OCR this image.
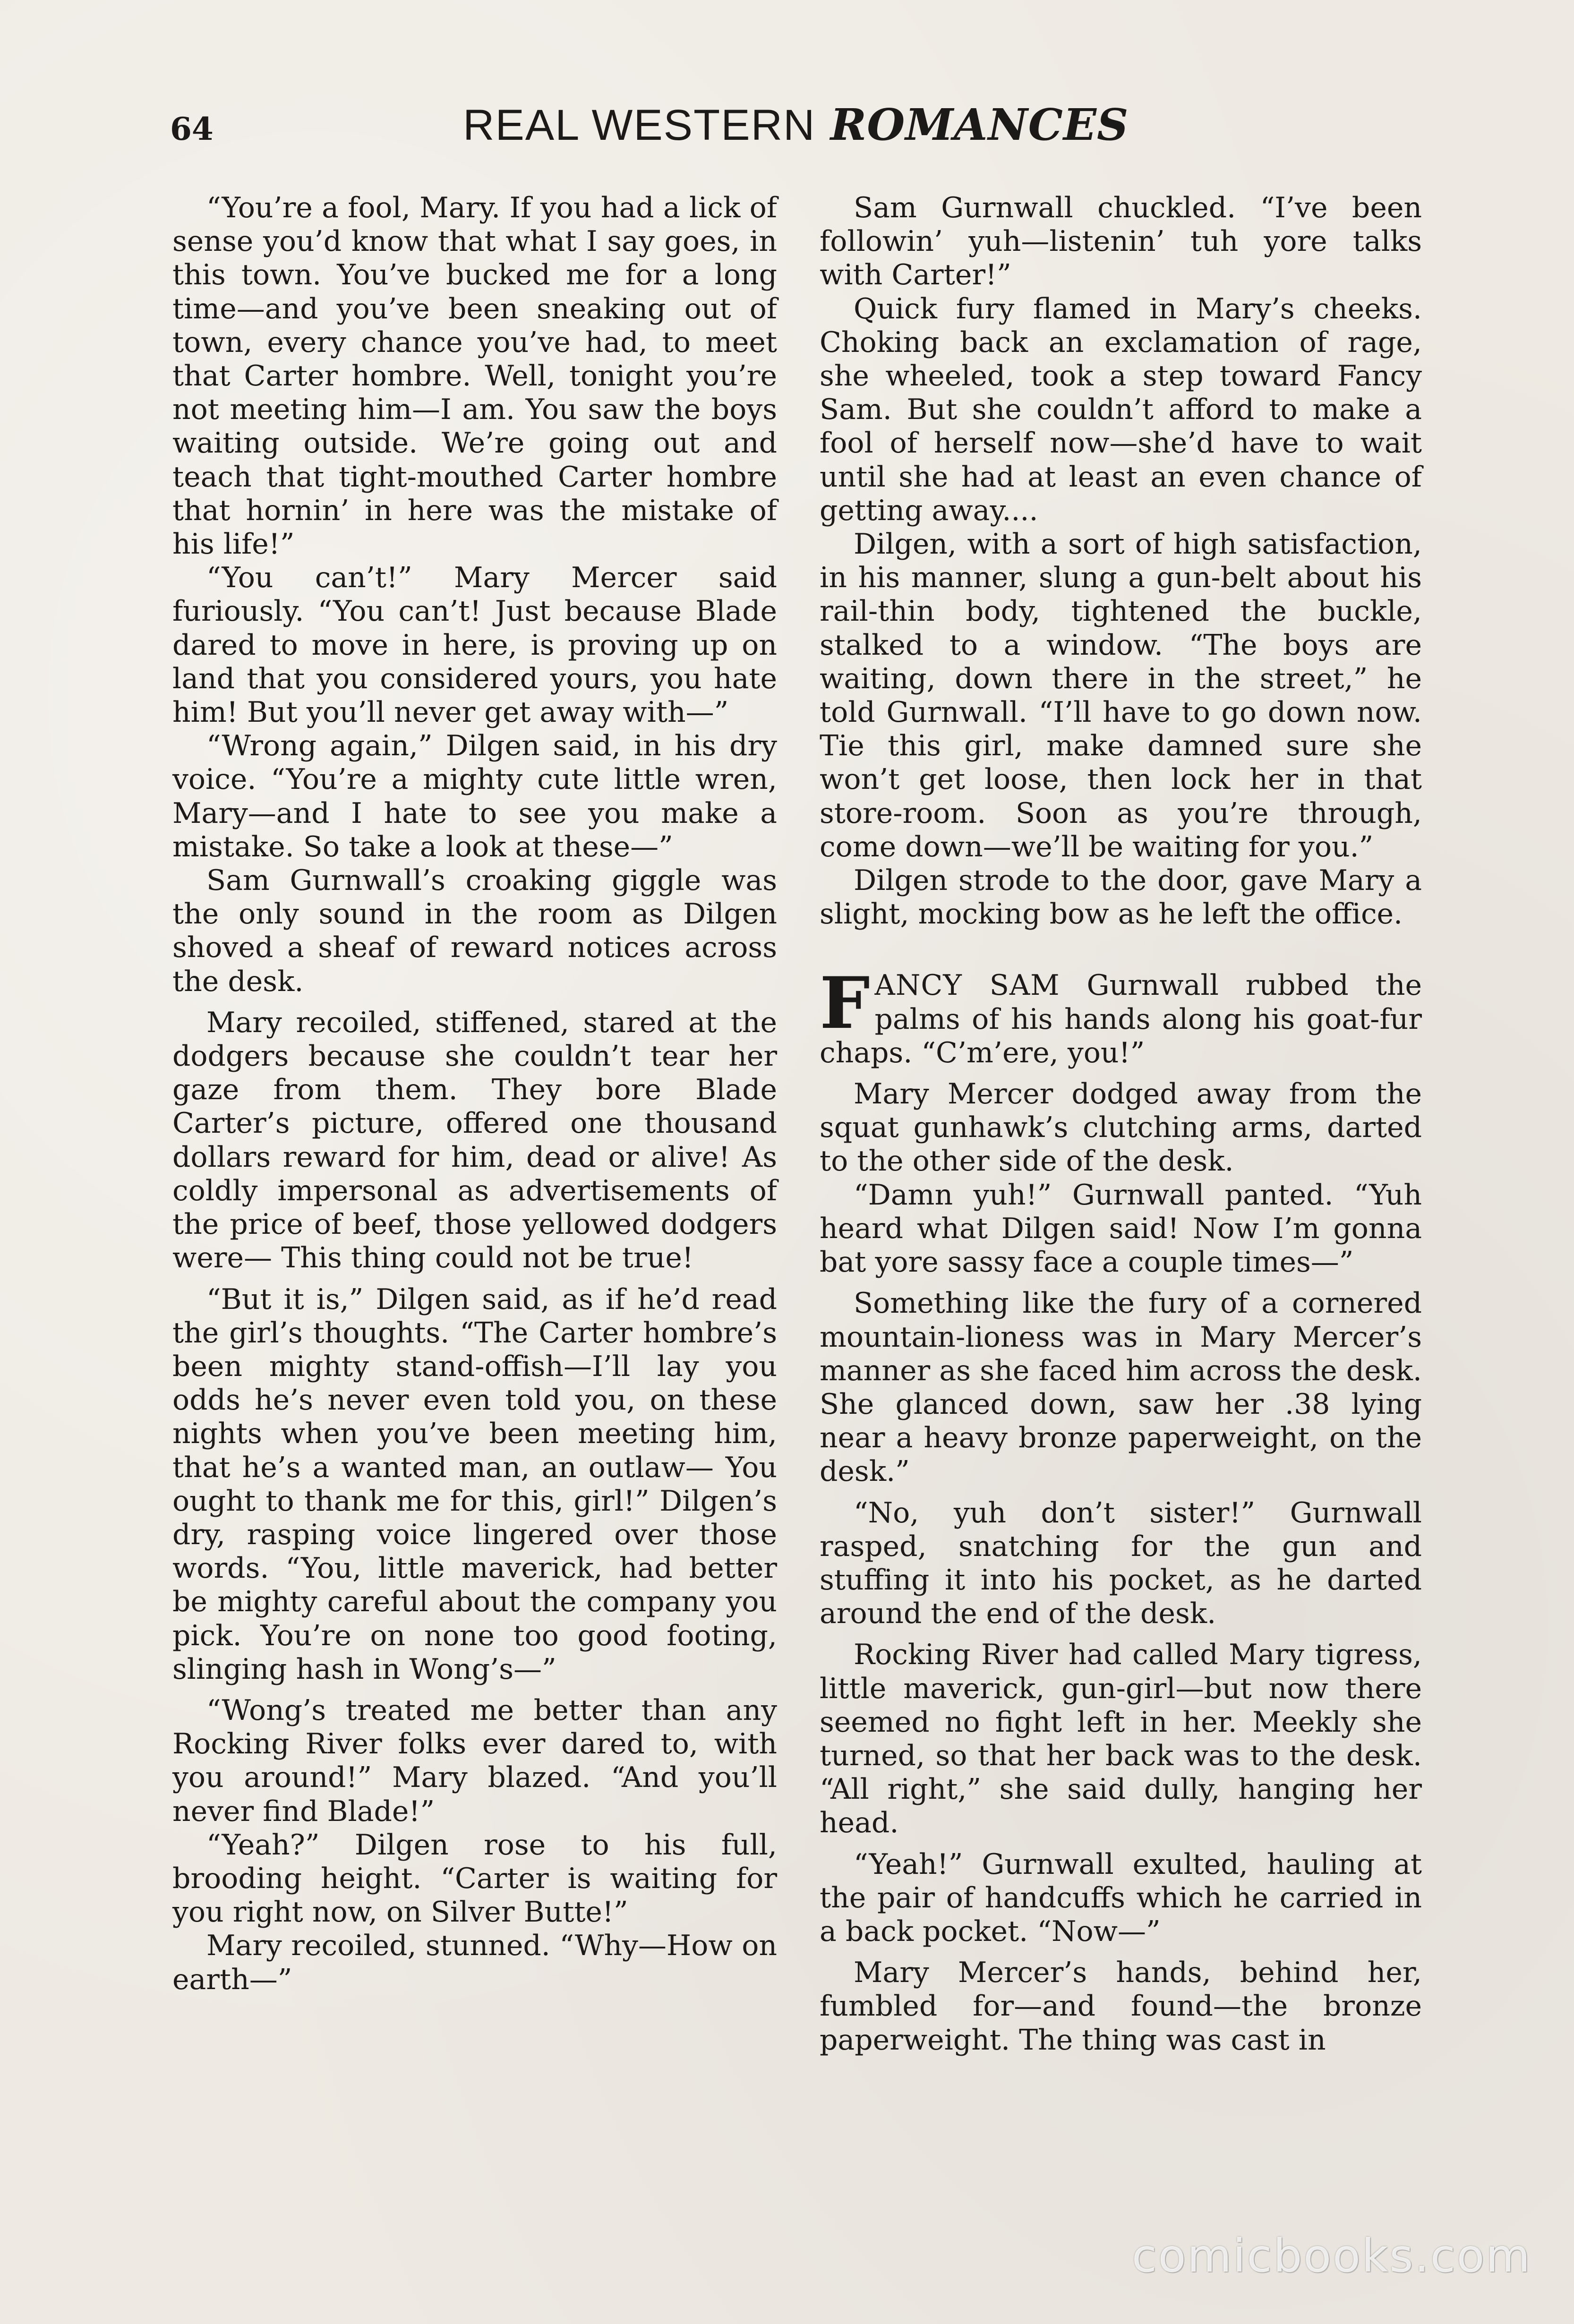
64	REAL WESTERN ROMANCES

“You’re a fool, Mary. If you had a lick of sense you’d know that what I say goes, in this town. You’ve bucked me for a long time—and you’ve been sneaking out of town, every chance you’ve had, to meet that Carter hombre. Well, tonight you’re not meeting him—I am. You saw the boys waiting outside. We’re going out and teach that tight-mouthed Carter hombre that hornin’ in here was the mistake of his life!”

“You can’t!” Mary Mercer said furiously. “You can’t! Just because Blade dared to move in here, is proving up on land that you considered yours, you hate him! But you’ll never get away with—”

“Wrong again,” Dilgen said, in his dry voice. “You’re a mighty cute little wren, Mary—and I hate to see you make a mistake. So take a look at these—”

Sam Gurnwall’s croaking giggle was the only sound in the room as Dilgen shoved a sheaf of reward notices across the desk.

Mary recoiled, stiffened, stared at the dodgers because she couldn’t tear her gaze from them. They bore Blade Carter’s picture, offered one thousand dollars reward for him, dead or alive! As coldly impersonal as advertisements of the price of beef, those yellowed dodgers were— This thing could not be true!

“But it is,” Dilgen said, as if he’d read the girl’s thoughts. “The Carter hombre’s been mighty stand-offish—I’ll lay you odds he’s never even told you, on these nights when you’ve been meeting him, that he’s a wanted man, an outlaw— You ought to thank me for this, girl!” Dilgen’s dry, rasping voice lingered over those words. “You, little maverick, had better be mighty careful about the company you pick. You’re on none too good footing, slinging hash in Wong’s—”

“Wong’s treated me better than any Rocking River folks ever dared to, with you around!” Mary blazed. “And you’ll never find Blade!”

“Yeah?” Dilgen rose to his full, brooding height. “Carter is waiting for you right now, on Silver Butte!”

Mary recoiled, stunned. “Why—How on earth—”

Sam Gurnwall chuckled. “I’ve been followin’ yuh—listenin’ tuh yore talks with Carter!”

Quick fury flamed in Mary’s cheeks. Choking back an exclamation of rage, she wheeled, took a step toward Fancy Sam. But she couldn’t afford to make a fool of herself now—she’d have to wait until she had at least an even chance of getting away....

Dilgen, with a sort of high satisfaction, in his manner, slung a gun-belt about his rail-thin body, tightened the buckle, stalked to a window. “The boys are waiting, down there in the street,” he told Gurnwall. “I’ll have to go down now. Tie this girl, make damned sure she won’t get loose, then lock her in that store-room. Soon as you’re through, come down—we’ll be waiting for you.”

Dilgen strode to the door, gave Mary a slight, mocking bow as he left the office.

FANCY SAM Gurnwall rubbed the palms of his hands along his goat-fur chaps. “C’m’ere, you!”

Mary Mercer dodged away from the squat gunhawk’s clutching arms, darted to the other side of the desk.

“Damn yuh!” Gurnwall panted. “Yuh heard what Dilgen said! Now I’m gonna bat yore sassy face a couple times—”

Something like the fury of a cornered mountain-lioness was in Mary Mercer’s manner as she faced him across the desk. She glanced down, saw her .38 lying near a heavy bronze paperweight, on the desk.”

“No, yuh don’t sister!” Gurnwall rasped, snatching for the gun and stuffing it into his pocket, as he darted around the end of the desk.

Rocking River had called Mary tigress, little maverick, gun-girl—but now there seemed no fight left in her. Meekly she turned, so that her back was to the desk. “All right,” she said dully, hanging her head.

“Yeah!” Gurnwall exulted, hauling at the pair of handcuffs which he carried in a back pocket. “Now—”

Mary Mercer’s hands, behind her, fumbled for—and found—the bronze paperweight. The thing was cast in

comicbooks.com
